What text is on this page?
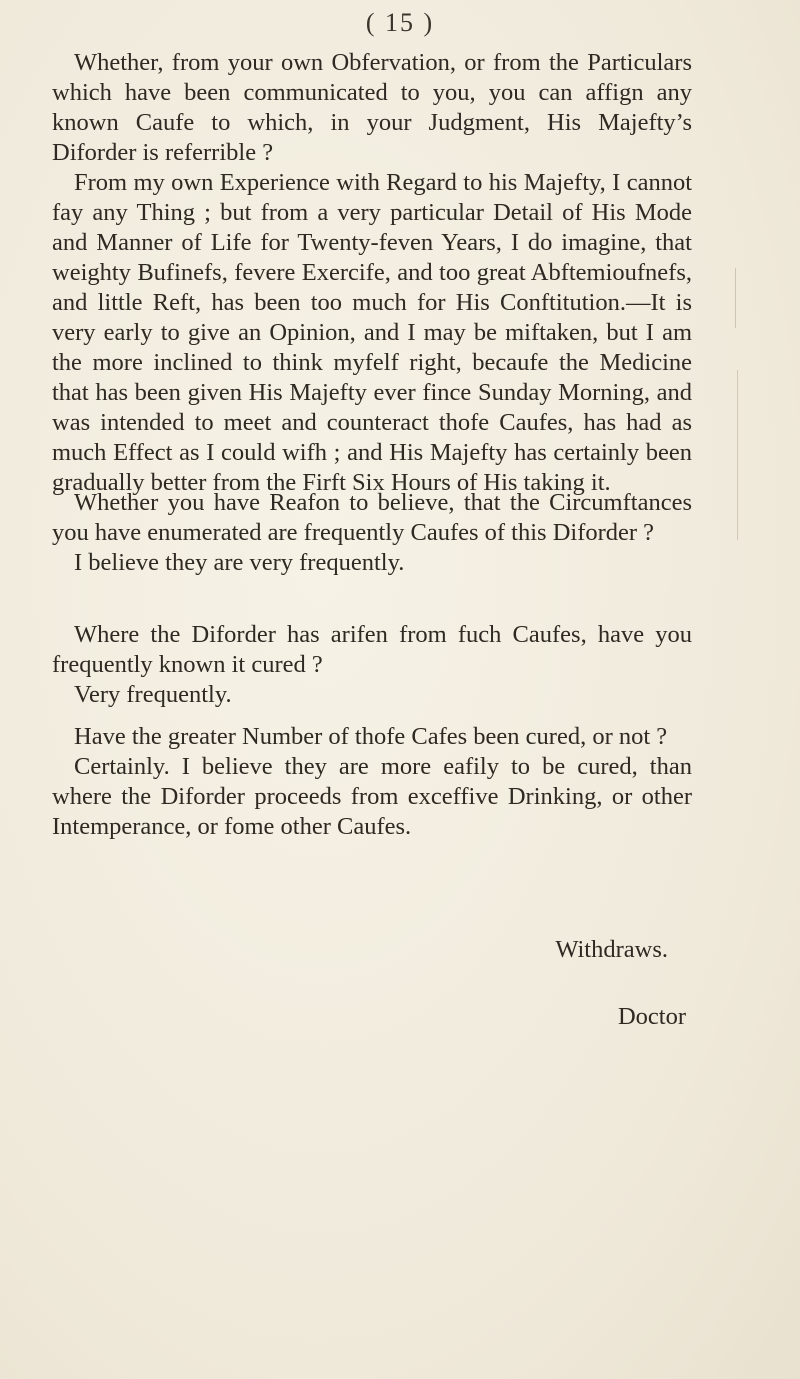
( 15 )

Whether, from your own Obfervation, or from the Particulars which have been communicated to you, you can affign any known Caufe to which, in your Judgment, His Majefty’s Diforder is referrible ?

From my own Experience with Regard to his Majefty, I cannot fay any Thing ; but from a very particular Detail of His Mode and Manner of Life for Twenty-feven Years, I do imagine, that weighty Bufinefs, fevere Exercife, and too great Abftemioufnefs, and little Reft, has been too much for His Conftitution.—It is very early to give an Opinion, and I may be miftaken, but I am the more inclined to think myfelf right, becaufe the Medicine that has been given His Majefty ever fince Sunday Morning, and was intended to meet and counteract thofe Caufes, has had as much Effect as I could wifh ; and His Majefty has certainly been gradually better from the Firft Six Hours of His taking it.

Whether you have Reafon to believe, that the Circumftances you have enumerated are frequently Caufes of this Diforder ?

I believe they are very frequently.

Where the Diforder has arifen from fuch Caufes, have you frequently known it cured ?

Very frequently.

Have the greater Number of thofe Cafes been cured, or not ?

Certainly. I believe they are more eafily to be cured, than where the Diforder proceeds from exceffive Drinking, or other Intemperance, or fome other Caufes.

Withdraws.
Doctor
